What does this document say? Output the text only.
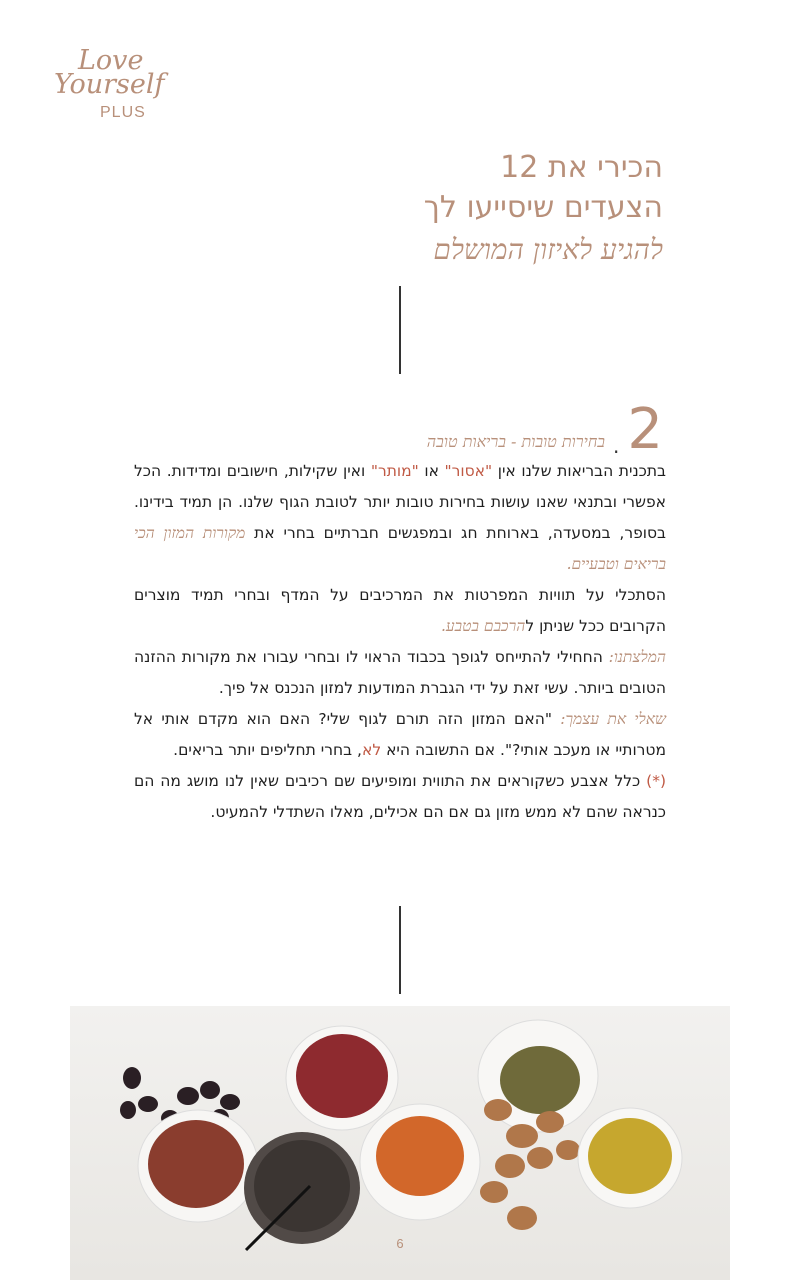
Love
Yourself
PLUS
הכירי את 12
הצעדים שיסייעו לך
להגיע לאיזון המושלם
2
.
בחירות טובות - בריאות טובה

בתכנית הבריאות שלנו אין "אסור" או "מותר" ואין שקילות, חישובים ומדידות. הכל אפשרי ובתנאי שאנו עושות בחירות טובות יותר לטובת הגוף שלנו. הן תמיד בידינו. בסופר, במסעדה, בארוחת חג ובמפגשים חברתיים בחרי את מקורות המזון הכי בריאים וטבעיים.

הסתכלי על תוויות המפרטות את המרכיבים על המדף ובחרי תמיד מוצרים הקרובים ככל שניתן להרכבם בטבע.

המלצתנו: החחילי להתייחס לגופך בכבוד הראוי לו ובחרי עבורו את מקורות ההזנה הטובים ביותר. עשי זאת על ידי הגברת המודעות למזון הנכנס אל פיך.

שאלי את עצמך: "האם המזון הזה תורם לגוף שלי? האם הוא מקדם אותי אל מטרותיי או מעכב אותי?". אם התשובה היא לא, בחרי תחליפים יותר בריאים.

(*) כלל אצבע כשקוראים את התווית ומופיעים שם רכיבים שאין לנו מושג מה הם כנראה שהם לא ממש מזון גם אם הם אכילים, מאלו השתדלי להמעיט.

6
